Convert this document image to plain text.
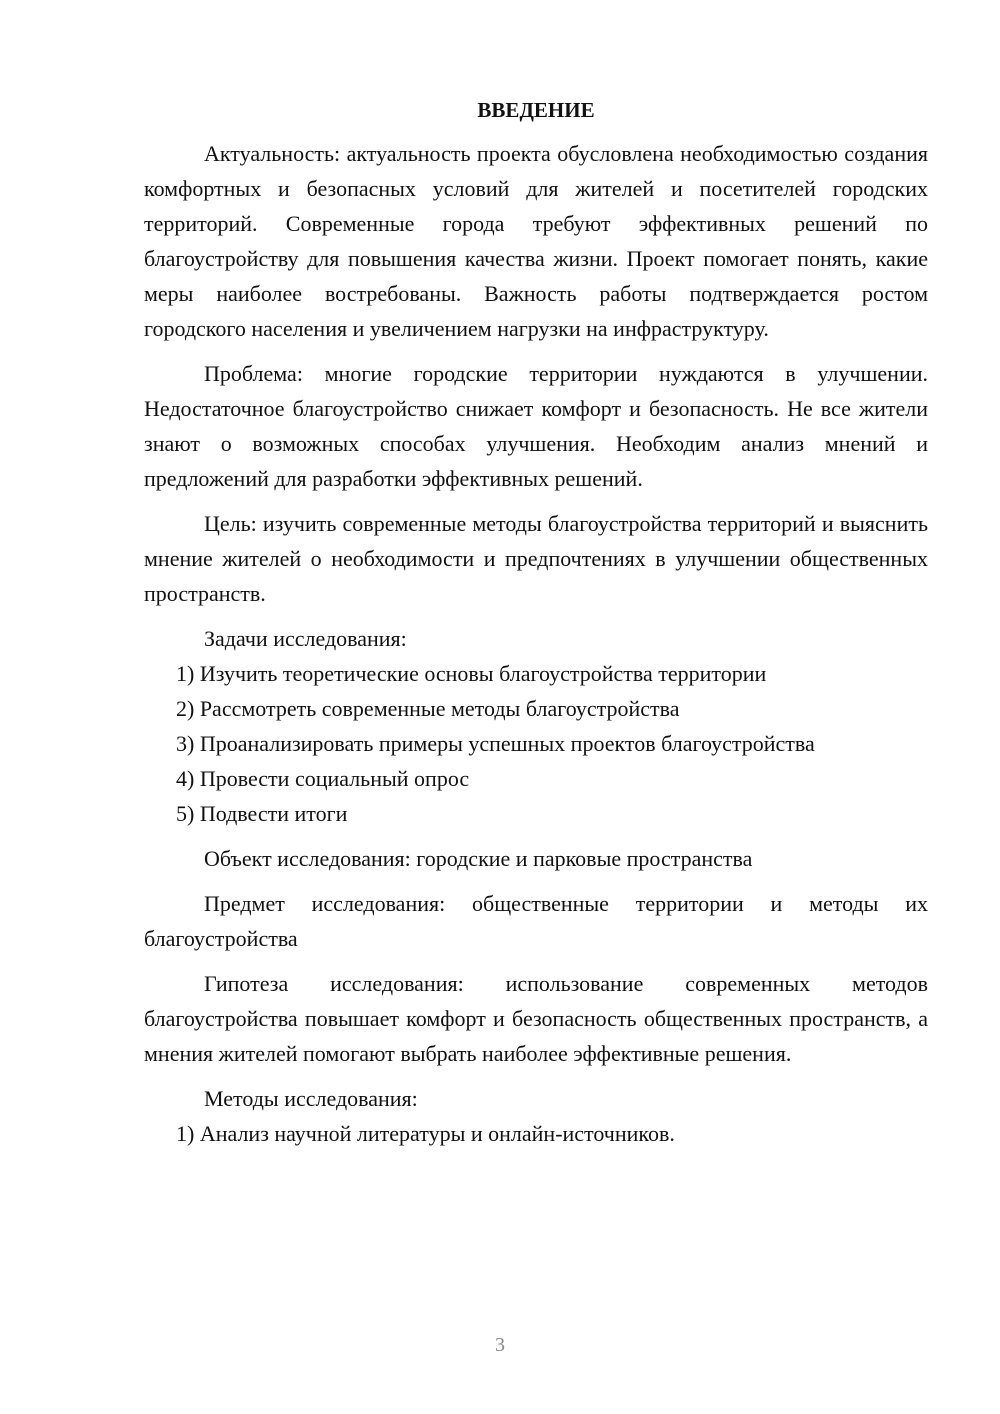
ВВЕДЕНИЕ

Актуальность: актуальность проекта обусловлена необходимостью создания комфортных и безопасных условий для жителей и посетителей городских территорий. Современные города требуют эффективных решений по благоустройству для повышения качества жизни. Проект помогает понять, какие меры наиболее востребованы. Важность работы подтверждается ростом городского населения и увеличением нагрузки на инфраструктуру.

Проблема: многие городские территории нуждаются в улучшении. Недостаточное благоустройство снижает комфорт и безопасность. Не все жители знают о возможных способах улучшения. Необходим анализ мнений и предложений для разработки эффективных решений.

Цель: изучить современные методы благоустройства территорий и выяснить мнение жителей о необходимости и предпочтениях в улучшении общественных пространств.

Задачи исследования:

1) Изучить теоретические основы благоустройства территории

2) Рассмотреть современные методы благоустройства

3) Проанализировать примеры успешных проектов благоустройства

4) Провести социальный опрос

5) Подвести итоги

Объект исследования: городские и парковые пространства

Предмет исследования: общественные территории и методы их благоустройства

Гипотеза исследования: использование современных методов благоустройства повышает комфорт и безопасность общественных пространств, а мнения жителей помогают выбрать наиболее эффективные решения.

Методы исследования:

1) Анализ научной литературы и онлайн-источников.

3
